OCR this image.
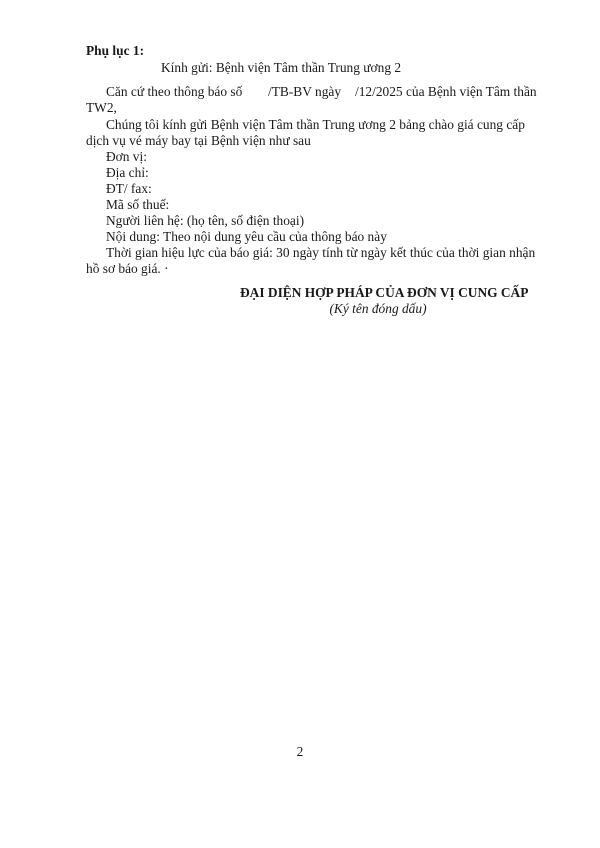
Phụ lục 1:
Kính gửi: Bệnh viện Tâm thần Trung ương 2
Căn cứ theo thông báo số /TB-BV ngày /12/2025 của Bệnh viện Tâm thần
TW2,
Chúng tôi kính gửi Bệnh viện Tâm thần Trung ương 2 bảng chào giá cung cấp
dịch vụ vé máy bay tại Bệnh viện như sau
Đơn vị:
Địa chỉ:
ĐT/ fax:
Mã số thuế:
Người liên hệ: (họ tên, số điện thoại)
Nội dung: Theo nội dung yêu cầu của thông báo này
Thời gian hiệu lực của báo giá: 30 ngày tính từ ngày kết thúc của thời gian nhận
hồ sơ báo giá. ·
ĐẠI DIỆN HỢP PHÁP CỦA ĐƠN VỊ CUNG CẤP
(Ký tên đóng dấu)
2
